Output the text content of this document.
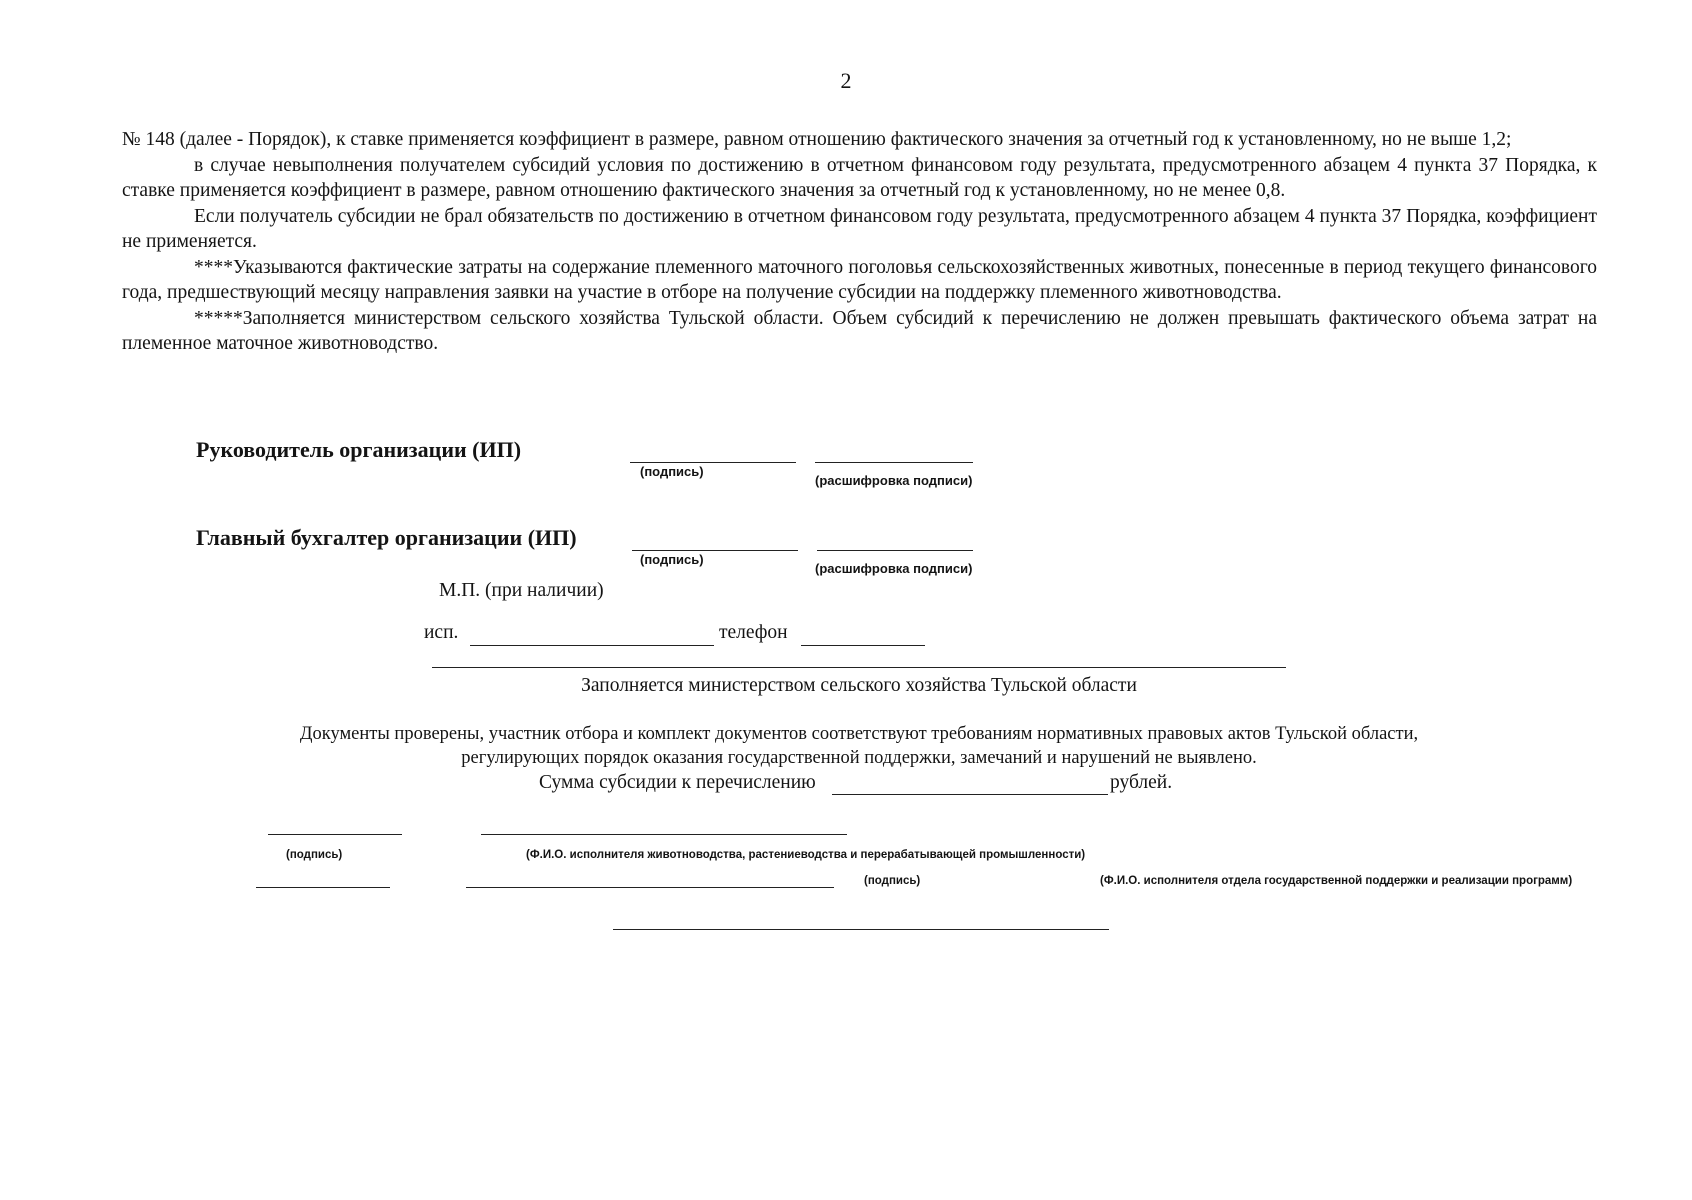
2

№ 148 (далее - Порядок), к ставке применяется коэффициент в размере, равном отношению фактического значения за отчетный год к установленному, но не выше 1,2;

в случае невыполнения получателем субсидий условия по достижению в отчетном финансовом году результата, предусмотренного абзацем 4 пункта 37 Порядка, к ставке применяется коэффициент в размере, равном отношению фактического значения за отчетный год к установленному, но не менее 0,8.

Если получатель субсидии не брал обязательств по достижению в отчетном финансовом году результата, предусмотренного абзацем 4 пункта 37 Порядка, коэффициент не применяется.

****Указываются фактические затраты на содержание племенного маточного поголовья сельскохозяйственных животных, понесенные в период текущего финансового года, предшествующий месяцу направления заявки на участие в отборе на получение субсидии на поддержку племенного животноводства.

*****Заполняется министерством сельского хозяйства Тульской области. Объем субсидий к перечислению не должен превышать фактического объема затрат на племенное маточное животноводство.

Руководитель организации (ИП)
(подпись)
(расшифровка подписи)
Главный бухгалтер организации (ИП)
(подпись)
(расшифровка подписи)
М.П. (при наличии)
исп.	телефон
Заполняется министерством сельского хозяйства Тульской области
Документы проверены, участник отбора и комплект документов соответствуют требованиям нормативных правовых актов Тульской области,
регулирующих порядок оказания государственной поддержки, замечаний и нарушений не выявлено.
Сумма субсидии к перечислению	рублей.
(подпись)	(Ф.И.О. исполнителя животноводства, растениеводства и перерабатывающей промышленности)
(подпись)	(Ф.И.О. исполнителя отдела государственной поддержки и реализации программ)
